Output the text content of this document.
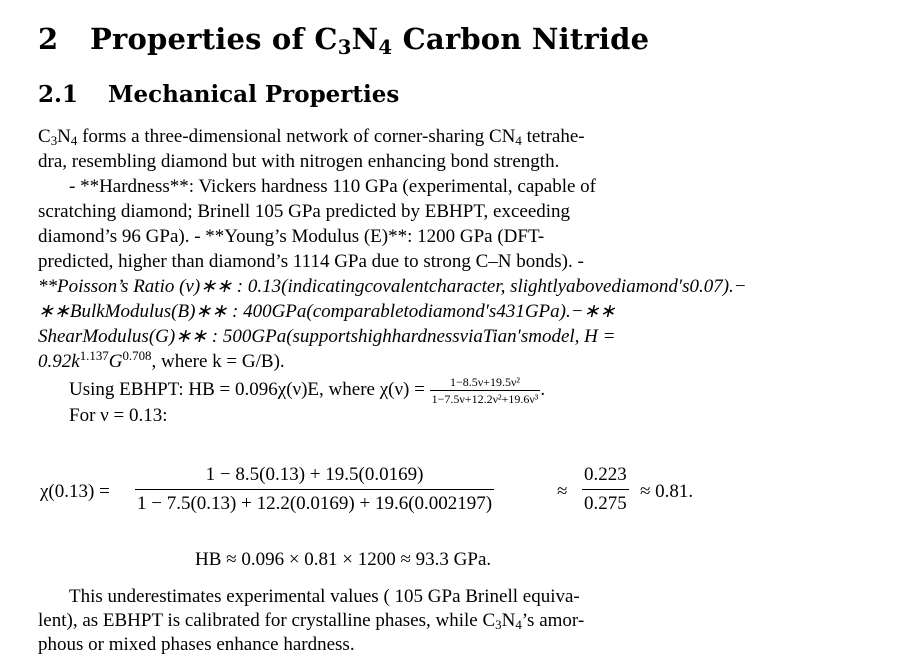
2 Properties of $C_3N_4$ Carbon Nitride
2.1 Mechanical Properties
$C_3N_4$ forms a three-dimensional network of corner-sharing $CN_4$ tetrahe-
dra, resembling diamond but with nitrogen enhancing bond strength.
- **Hardness**: Vickers hardness 110 GPa (experimental, capable of
scratching diamond; Brinell 105 GPa predicted by EBHPT, exceeding
diamond’s 96 GPa). - **Young’s Modulus (E)**: 1200 GPa (DFT-
predicted, higher than diamond’s 1114 GPa due to strong C–N bonds). -
**Poisson’s Ratio (ν)∗∗ : 0.13(indicatingcovalentcharacter, slightlyabovediamond′s0.07).−
∗∗BulkModulus(B)∗∗ : 400GPa(comparabletodiamond′s431GPa).−∗∗
ShearModulus(G)∗∗ : 500GPa(supportshighhardnessviaTian′smodel, H =
$0.92k^{1.137}G^{0.708}$, where k = G/B).
Using EBHPT: HB = 0.096χ(ν)E, where $\chi(\nu) = \frac{\text{1−8.5ν+19.5ν²}}{\text{1−7.5ν+12.2ν²+19.6ν³}}$ .
For ν = 0.13:
$\chi(0.13) = \frac{1 - 8.5(0.13) + 19.5(0.0169)}{1 - 7.5(0.13) + 12.2(0.0169) + 19.6(0.002197)}$	≈ $\frac{0.223}{0.275} \approx 0.81$.
HB ≈ 0.096 × 0.81 × 1200 ≈ 93.3 GPa.
This underestimates experimental values ( 105 GPa Brinell equiva-
lent), as EBHPT is calibrated for crystalline phases, while $C_3N_4’s$ amor-
phous or mixed phases enhance hardness.
